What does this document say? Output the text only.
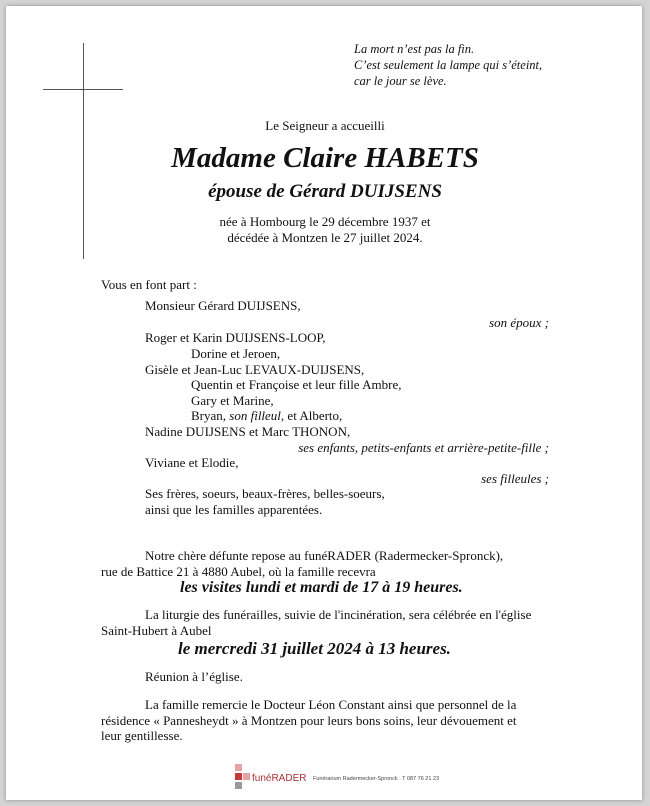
La mort n’est pas la fin.
C’est seulement la lampe qui s’éteint,
car le jour se lève.
Le Seigneur a accueilli
Madame Claire HABETS
épouse de Gérard DUIJSENS
née à Hombourg le 29 décembre 1937 et
décédée à Montzen le 27 juillet 2024.
Vous en font part :
Monsieur Gérard DUIJSENS,
son époux ;
Roger et Karin DUIJSENS-LOOP,
Dorine et Jeroen,
Gisèle et Jean-Luc LEVAUX-DUIJSENS,
Quentin et Françoise et leur fille Ambre,
Gary et Marine,
Bryan, son filleul, et Alberto,
Nadine DUIJSENS et Marc THONON,
ses enfants, petits-enfants et arrière-petite-fille ;
Viviane et Elodie,
ses filleules ;
Ses frères, soeurs, beaux-frères, belles-soeurs,
ainsi que les familles apparentées.
Notre chère défunte repose au funéRADER (Radermecker-Spronck),
rue de Battice 21 à 4880 Aubel, où la famille recevra
les visites lundi et mardi de 17 à 19 heures.
La liturgie des funérailles, suivie de l'incinération, sera célébrée en l'église
Saint-Hubert à Aubel
le mercredi 31 juillet 2024 à 13 heures.
Réunion à l’église.
La famille remercie le Docteur Léon Constant ainsi que personnel de la
résidence « Pannesheydt » à Montzen pour leurs bons soins, leur dévouement et
leur gentillesse.
funéRADER Funérarium Radermecker-Spronck . T 087 76 21 23
